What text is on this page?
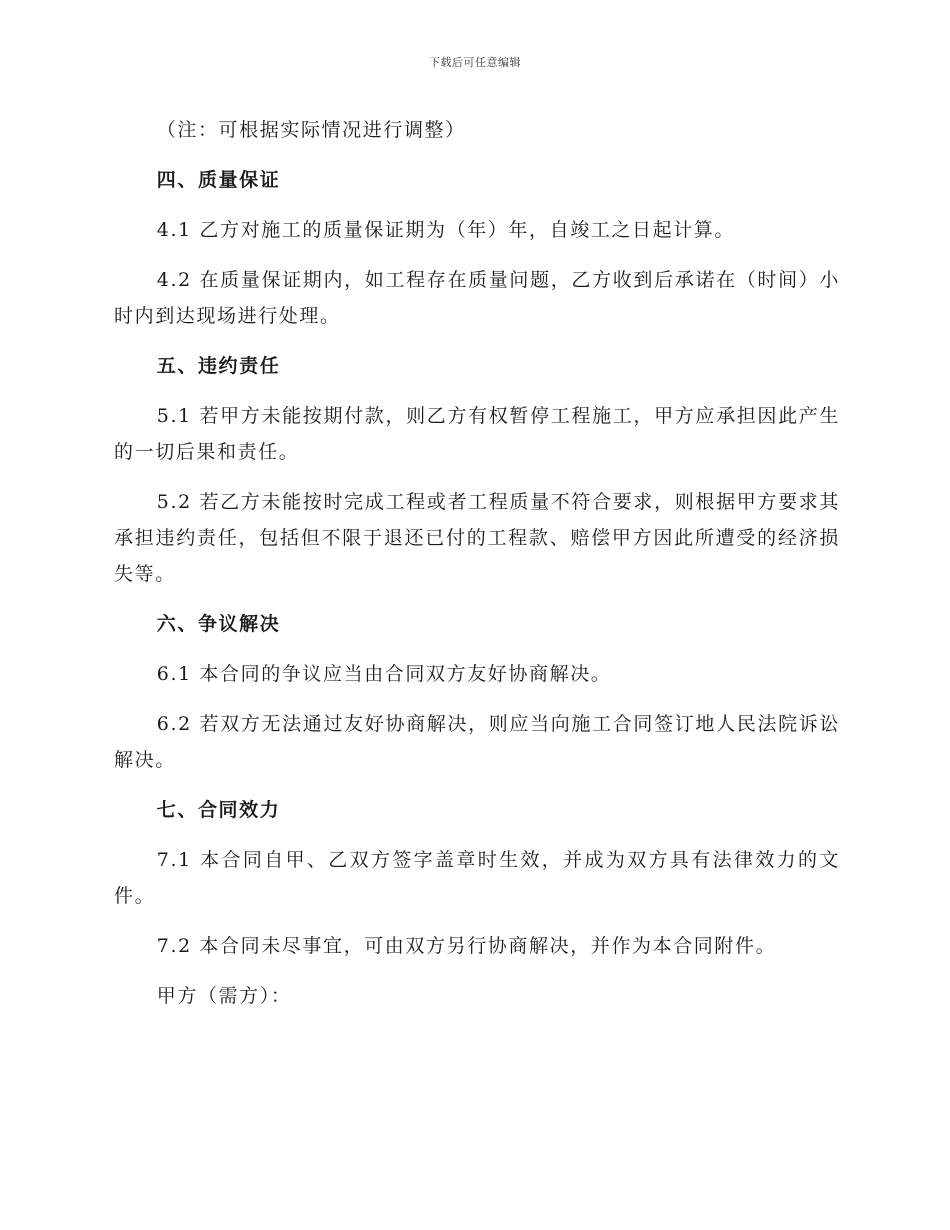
下载后可任意编辑

（注：可根据实际情况进行调整）

四、质量保证

4.1 乙方对施工的质量保证期为（年）年，自竣工之日起计算。

4.2 在质量保证期内，如工程存在质量问题，乙方收到后承诺在（时间）小时内到达现场进行处理。

五、违约责任

5.1 若甲方未能按期付款，则乙方有权暂停工程施工，甲方应承担因此产生的一切后果和责任。

5.2 若乙方未能按时完成工程或者工程质量不符合要求，则根据甲方要求其承担违约责任，包括但不限于退还已付的工程款、赔偿甲方因此所遭受的经济损失等。

六、争议解决

6.1 本合同的争议应当由合同双方友好协商解决。

6.2 若双方无法通过友好协商解决，则应当向施工合同签订地人民法院诉讼解决。

七、合同效力

7.1 本合同自甲、乙双方签字盖章时生效，并成为双方具有法律效力的文件。

7.2 本合同未尽事宜，可由双方另行协商解决，并作为本合同附件。

甲方（需方）：
